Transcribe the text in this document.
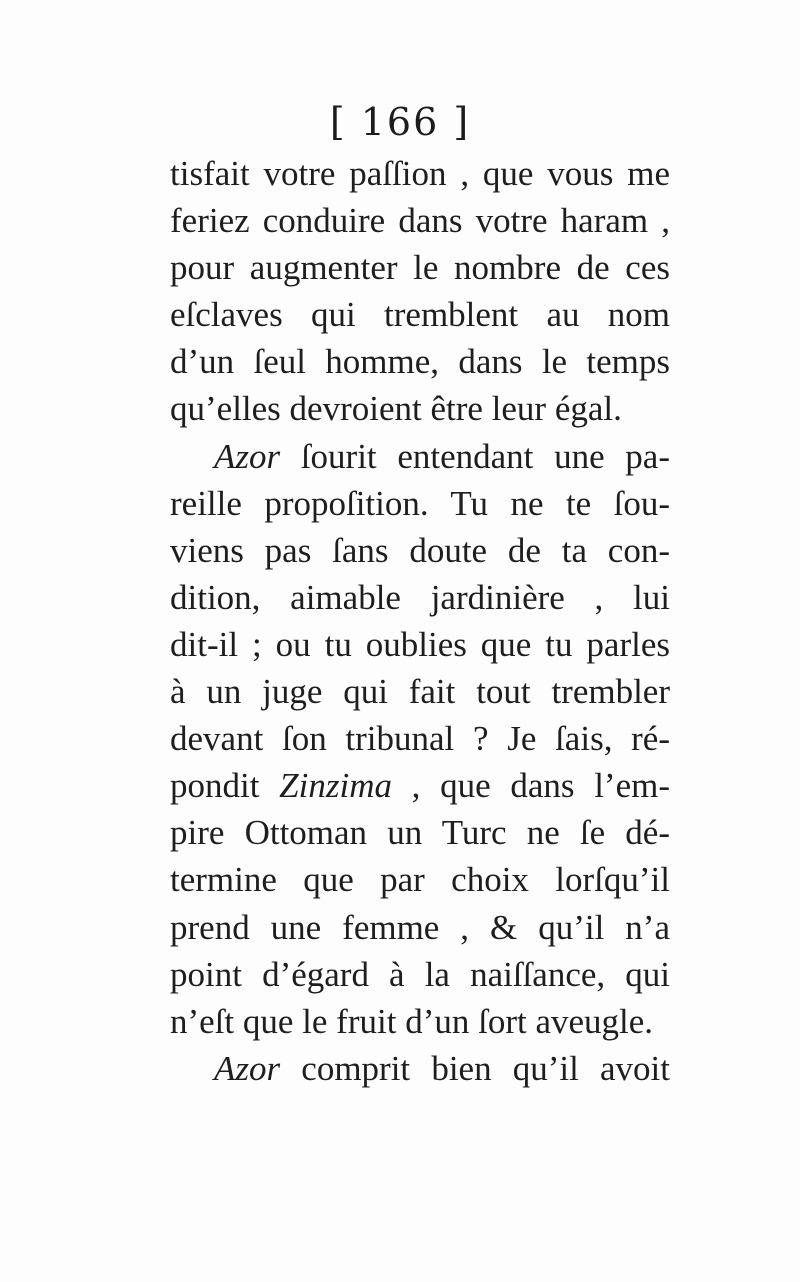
[ 166 ]
tisfait votre paſſion , que vous me
feriez conduire dans votre haram ,
pour augmenter le nombre de ces
eſclaves qui tremblent au nom
d’un ſeul homme, dans le temps
qu’elles devroient être leur égal.
Azor ſourit entendant une pa-
reille propoſition. Tu ne te ſou-
viens pas ſans doute de ta con-
dition, aimable jardinière , lui
dit-il ; ou tu oublies que tu parles
à un juge qui fait tout trembler
devant ſon tribunal ? Je ſais, ré-
pondit Zinzima , que dans l’em-
pire Ottoman un Turc ne ſe dé-
termine que par choix lorſqu’il
prend une femme , & qu’il n’a
point d’égard à la naiſſance, qui
n’eſt que le fruit d’un ſort aveugle.
Azor comprit bien qu’il avoit
